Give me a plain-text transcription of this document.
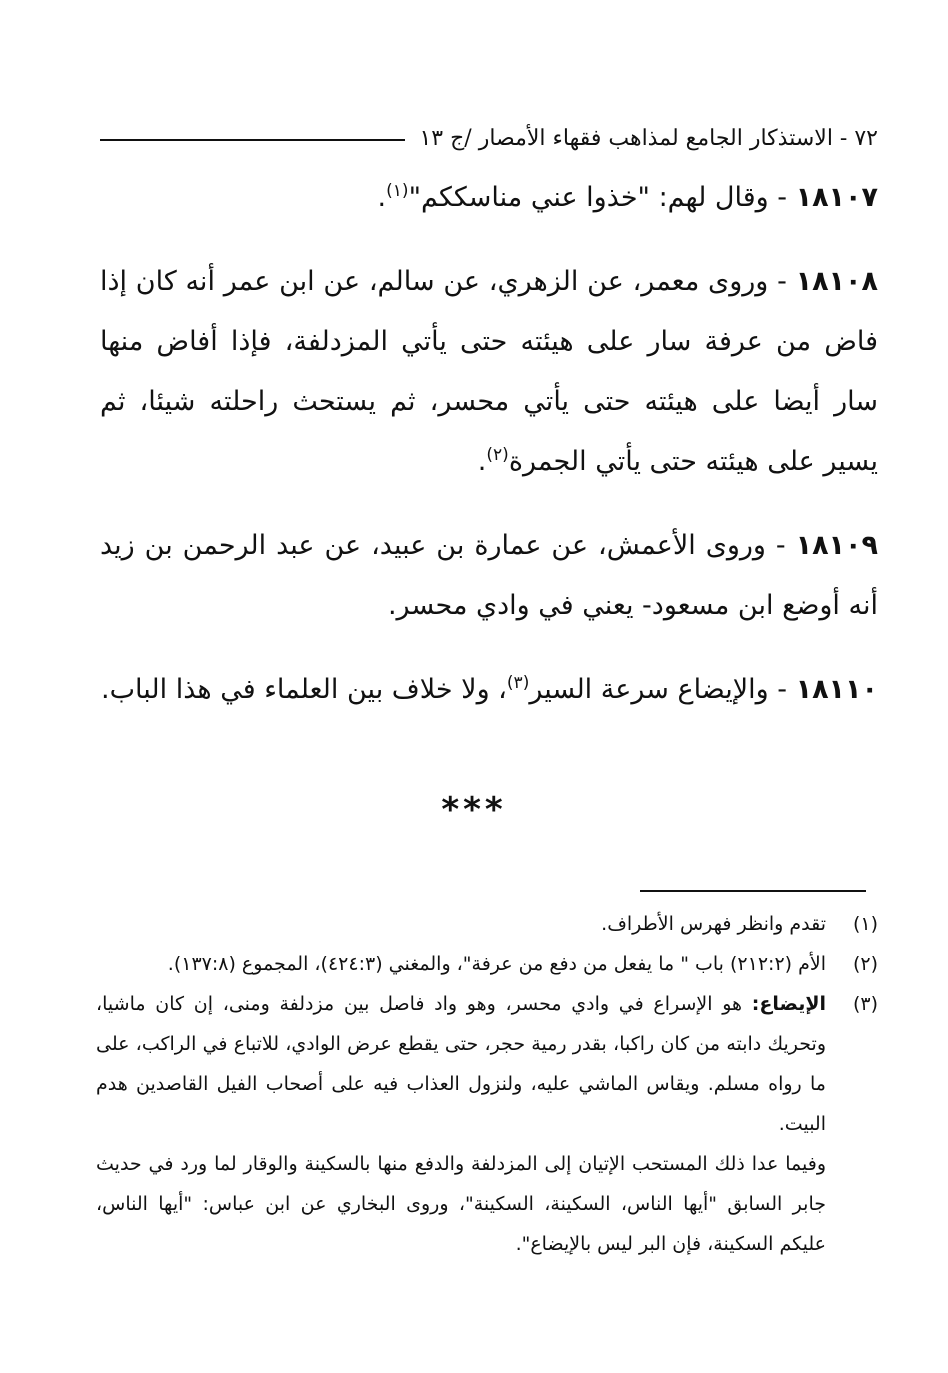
٧٢ - الاستذكار الجامع لمذاهب فقهاء الأمصار /ج ١٣

١٨١٠٧ - وقال لهم: "خذوا عني مناسككم"$^{(١)}$.

١٨١٠٨ - وروى معمر، عن الزهري، عن سالم، عن ابن عمر أنه كان إذا فاض من عرفة سار على هيئته حتى يأتي المزدلفة، فإذا أفاض منها سار أيضا على هيئته حتى يأتي محسر، ثم يستحث راحلته شيئا، ثم يسير على هيئته حتى يأتي الجمرة$^{(٢)}$.

١٨١٠٩ - وروى الأعمش، عن عمارة بن عبيد، عن عبد الرحمن بن زيد أنه أوضع ابن مسعود- يعني في وادي محسر.

١٨١١٠ - والإيضاع سرعة السير$^{(٣)}$، ولا خلاف بين العلماء في هذا الباب.

***
(١)
تقدم وانظر فهرس الأطراف.
(٢)
الأم (٢١٢:٢) باب " ما يفعل من دفع من عرفة"، والمغني (٤٢٤:٣)، المجموع (١٣٧:٨).
(٣)
الإيضاع: هو الإسراع في وادي محسر، وهو واد فاصل بين مزدلفة ومنى، إن كان ماشيا، وتحريك دابته من كان راكبا، بقدر رمية حجر، حتى يقطع عرض الوادي، للاتباع في الراكب، على ما رواه مسلم. ويقاس الماشي عليه، ولنزول العذاب فيه على أصحاب الفيل القاصدين هدم البيت.
وفيما عدا ذلك المستحب الإتيان إلى المزدلفة والدفع منها بالسكينة والوقار لما ورد في حديث جابر السابق "أيها الناس، السكينة، السكينة"، وروى البخاري عن ابن عباس: "أيها الناس، عليكم السكينة، فإن البر ليس بالإيضاع".
